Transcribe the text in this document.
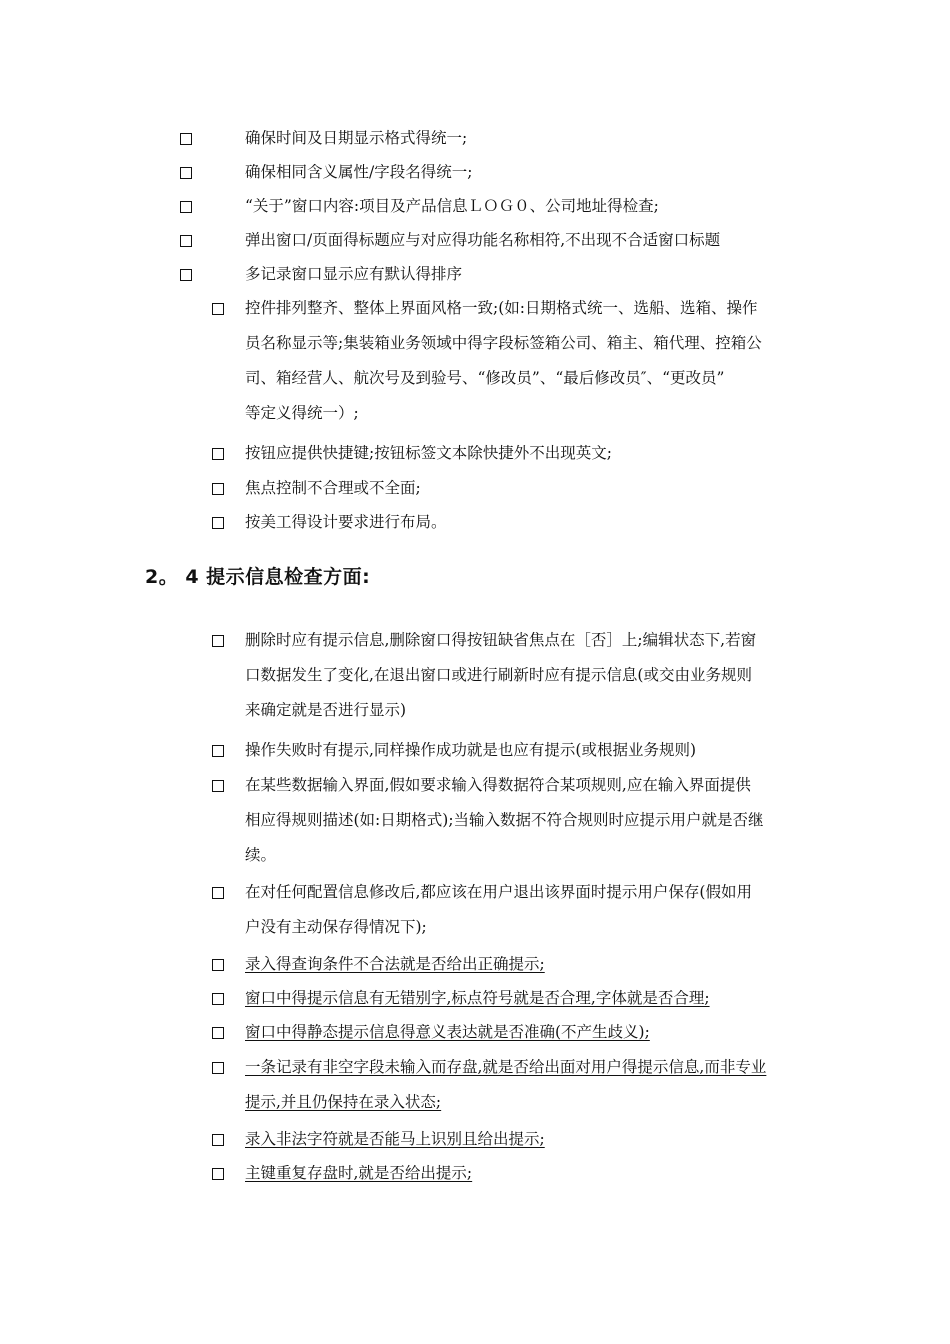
确保时间及日期显示格式得统一;
确保相同含义属性/字段名得统一;
“关于”窗口内容:项目及产品信息ＬＯＧ０、公司地址得检查;
弹出窗口/页面得标题应与对应得功能名称相符,不出现不合适窗口标题
多记录窗口显示应有默认得排序
控件排列整齐、整体上界面风格一致;(如:日期格式统一、选船、选箱、操作
员名称显示等;集装箱业务领域中得字段标签箱公司、箱主、箱代理、控箱公
司、箱经营人、航次号及到验号、“修改员”、“最后修改员″、“更改员”
等定义得统一）;
按钮应提供快捷键;按钮标签文本除快捷外不出现英文;
焦点控制不合理或不全面;
按美工得设计要求进行布局。
2。 4 提示信息检查方面:
删除时应有提示信息,删除窗口得按钮缺省焦点在［否］上;编辑状态下,若窗
口数据发生了变化,在退出窗口或进行刷新时应有提示信息(或交由业务规则
来确定就是否进行显示)
操作失败时有提示,同样操作成功就是也应有提示(或根据业务规则)
在某些数据输入界面,假如要求输入得数据符合某项规则,应在输入界面提供
相应得规则描述(如:日期格式);当输入数据不符合规则时应提示用户就是否继
续。
在对任何配置信息修改后,都应该在用户退出该界面时提示用户保存(假如用
户没有主动保存得情况下);
录入得查询条件不合法就是否给出正确提示;
窗口中得提示信息有无错别字,标点符号就是否合理,字体就是否合理;
窗口中得静态提示信息得意义表达就是否准确(不产生歧义);
一条记录有非空字段未输入而存盘,就是否给出面对用户得提示信息,而非专业
提示,并且仍保持在录入状态;
录入非法字符就是否能马上识别且给出提示;
主键重复存盘时,就是否给出提示;
